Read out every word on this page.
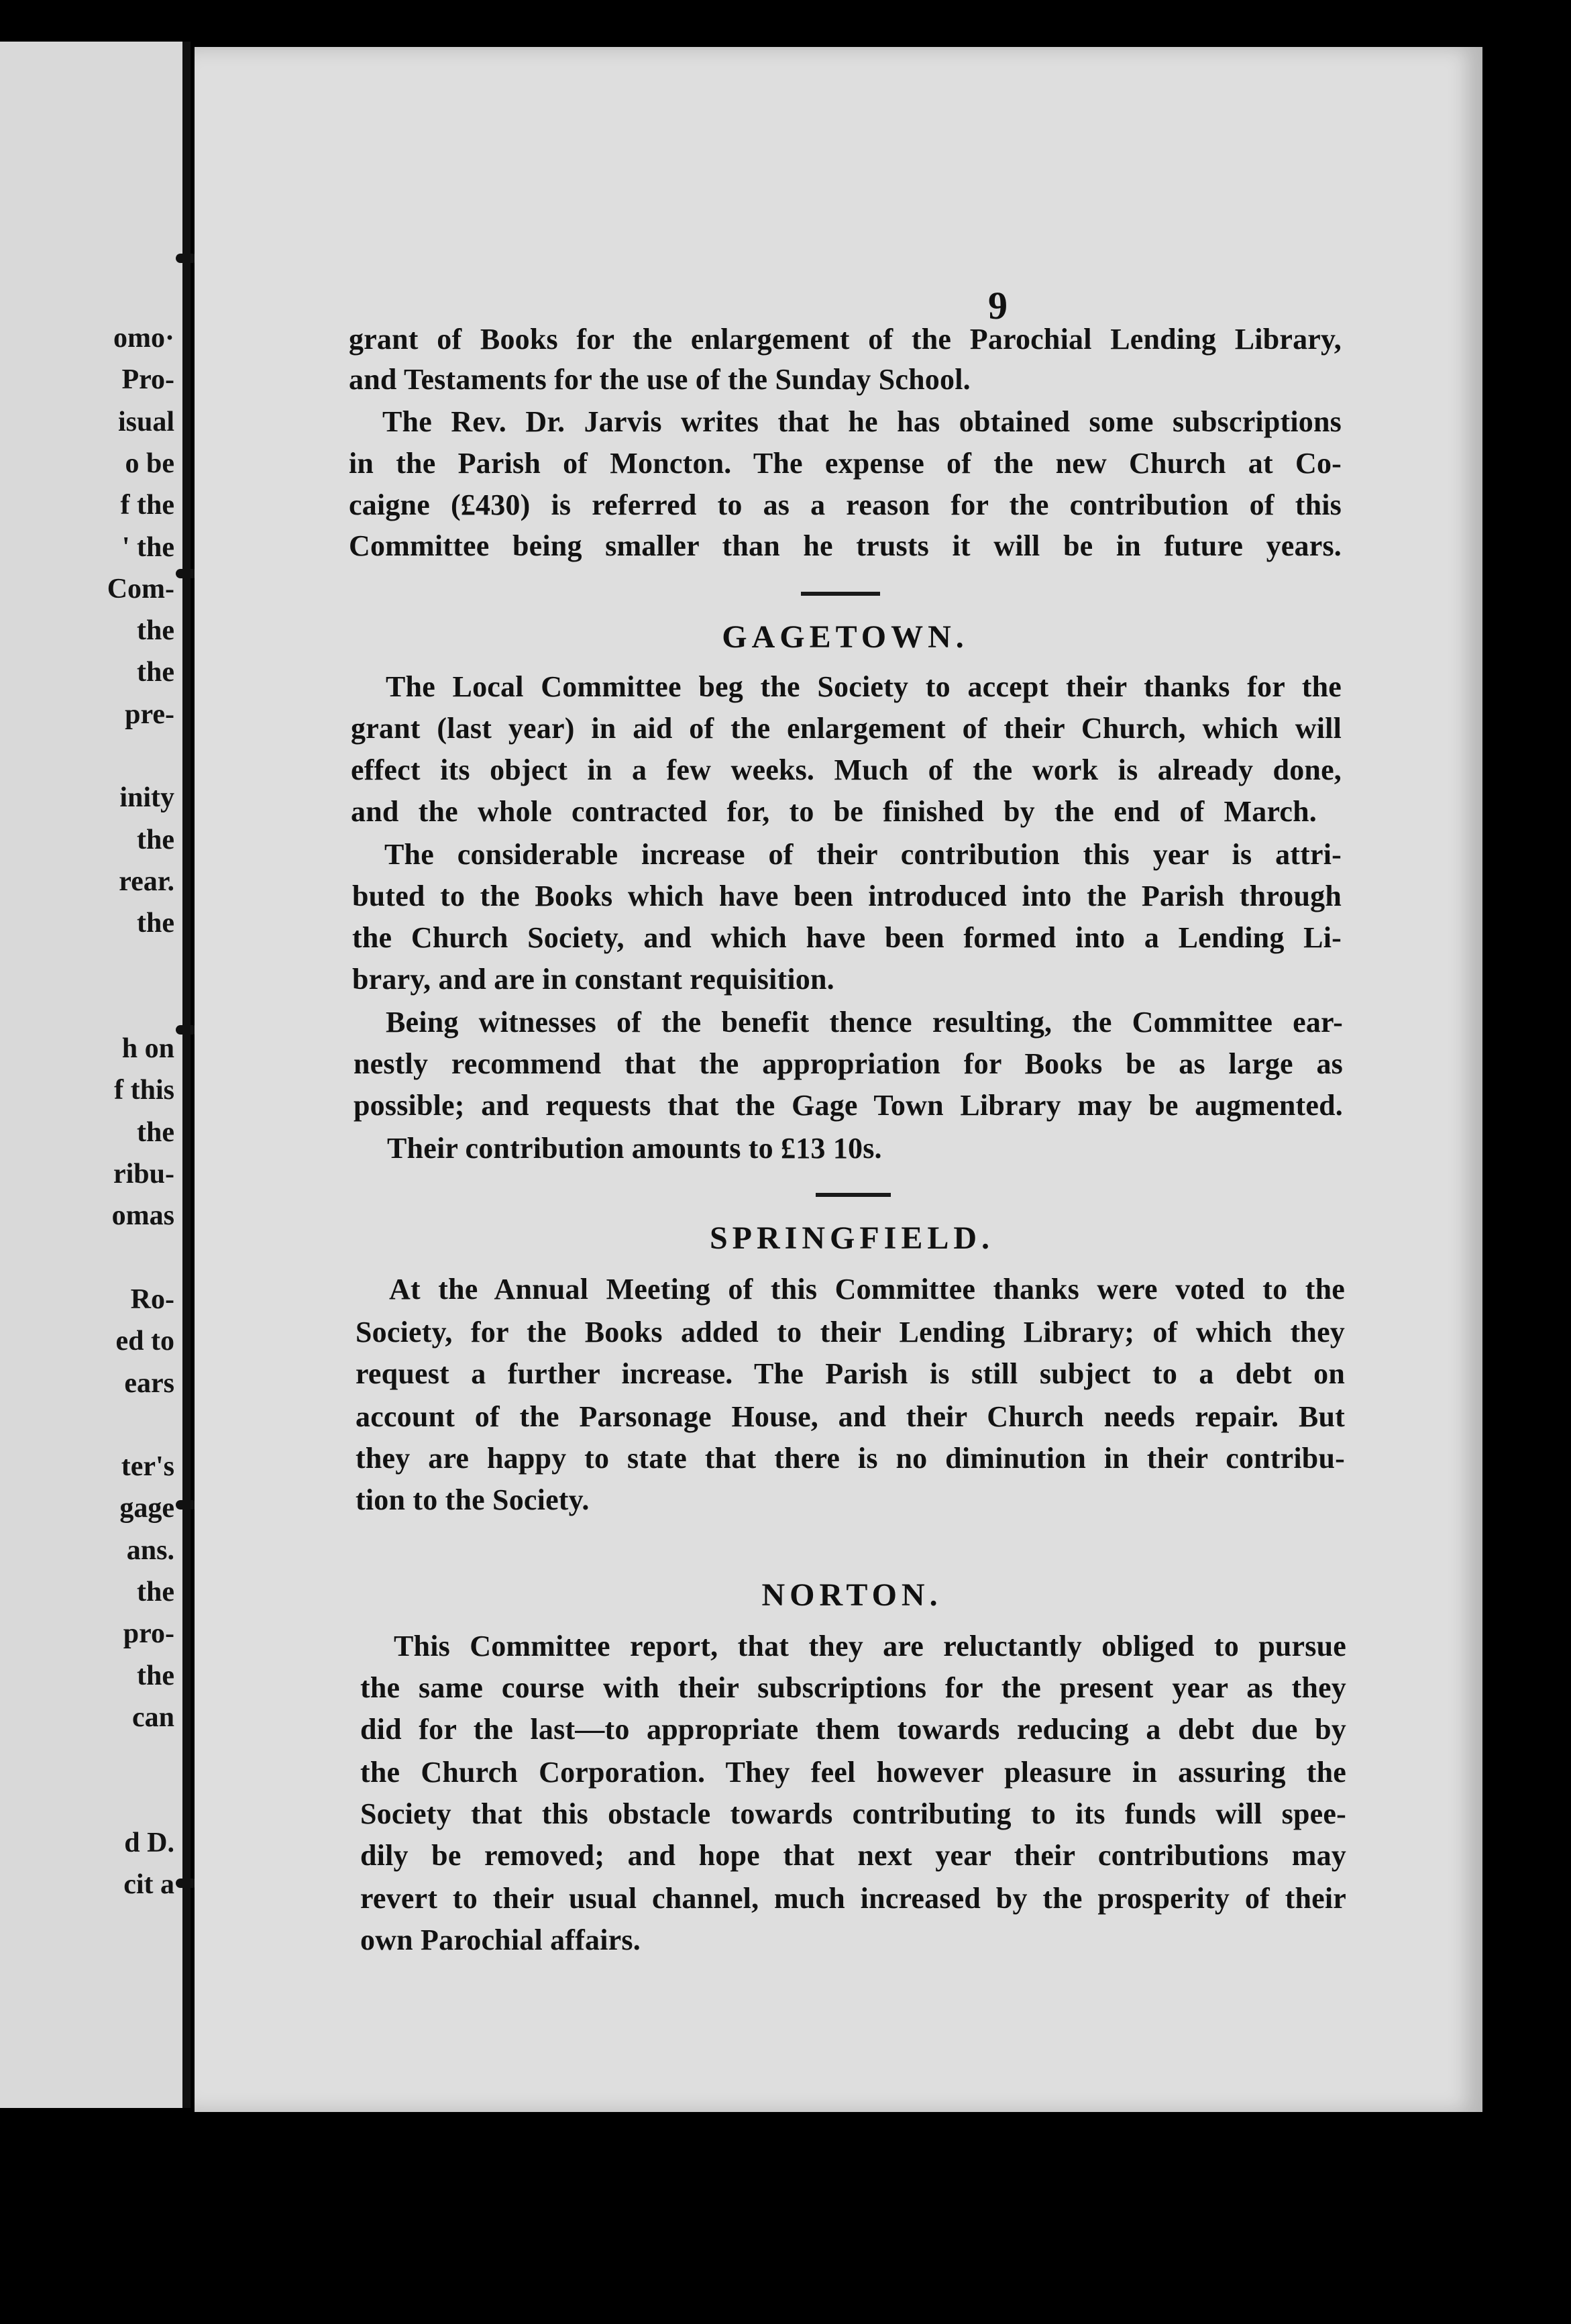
omo·
Pro-
isual
o be
f the
' the
Com-
the
the
pre-
inity
the
rear.
the
h on
f this
the
ribu-
omas
Ro-
ed to
ears
ter's
gage
ans.
the
pro-
the
can
d D.
cit a
9
grant of Books for the enlargement of the Parochial Lending Library,
and Testaments for the use of the Sunday School.
The Rev. Dr. Jarvis writes that he has obtained some subscriptions
in the Parish of Moncton. The expense of the new Church at Co-
caigne (£430) is referred to as a reason for the contribution of this
Committee being smaller than he trusts it will be in future years.
GAGETOWN.
The Local Committee beg the Society to accept their thanks for the
grant (last year) in aid of the enlargement of their Church, which will
effect its object in a few weeks. Much of the work is already done,
and the whole contracted for, to be finished by the end of March.
The considerable increase of their contribution this year is attri-
buted to the Books which have been introduced into the Parish through
the Church Society, and which have been formed into a Lending Li-
brary, and are in constant requisition.
Being witnesses of the benefit thence resulting, the Committee ear-
nestly recommend that the appropriation for Books be as large as
possible; and requests that the Gage Town Library may be augmented.
Their contribution amounts to £13 10s.
SPRINGFIELD.
At the Annual Meeting of this Committee thanks were voted to the
Society, for the Books added to their Lending Library; of which they
request a further increase. The Parish is still subject to a debt on
account of the Parsonage House, and their Church needs repair. But
they are happy to state that there is no diminution in their contribu-
tion to the Society.
NORTON.
This Committee report, that they are reluctantly obliged to pursue
the same course with their subscriptions for the present year as they
did for the last—to appropriate them towards reducing a debt due by
the Church Corporation. They feel however pleasure in assuring the
Society that this obstacle towards contributing to its funds will spee-
dily be removed; and hope that next year their contributions may
revert to their usual channel, much increased by the prosperity of their
own Parochial affairs.
